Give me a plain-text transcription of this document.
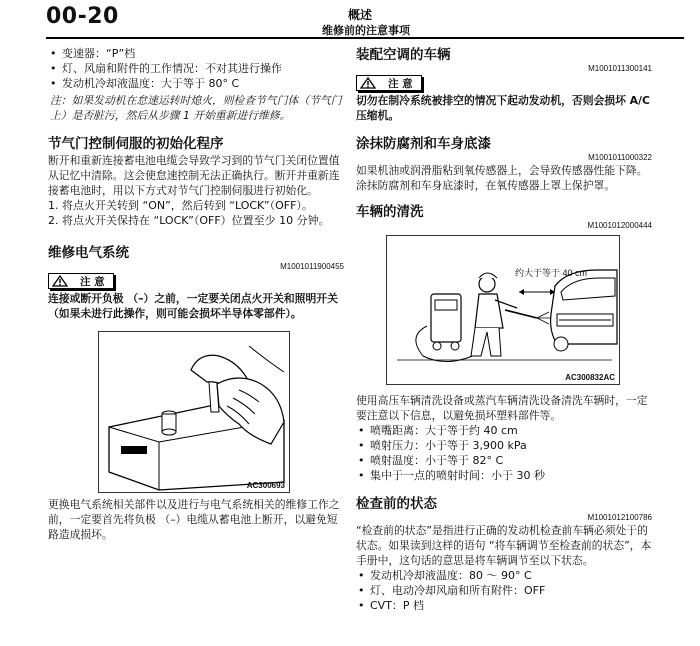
00-20	概述
维修前的注意事项
• 变速器：“P”档
• 灯、风扇和附件的工作情况：不对其进行操作
• 发动机冷却液温度：大于等于 80° C
注：如果发动机在怠速运转时熄火，则检查节气门体（节气门上）是否脏污，然后从步骤 1 开始重新进行维修。
节气门控制伺服的初始化程序

断开和重新连接蓄电池电缆会导致学习到的节气门关闭位置值从记忆中清除。这会使怠速控制无法正确执行。断开并重新连接蓄电池时，用以下方式对节气门控制伺服进行初始化。

1. 将点火开关转到 “ON”，然后转到 “LOCK”（OFF）。
2. 将点火开关保持在 “LOCK”（OFF）位置至少 10 分钟。
维修电气系统
M1001011900455
注 意
连接或断开负极 （–）之前，一定要关闭点火开关和照明开关 （如果未进行此操作，则可能会损坏半导体零部件）。
AC300693

更换电气系统相关部件以及进行与电气系统相关的维修工作之前，一定要首先将负极 （–）电缆从蓄电池上断开，以避免短路造成损坏。

装配空调的车辆
M1001011300141
注 意
切勿在制冷系统被排空的情况下起动发动机，否则会损坏 A/C 压缩机。
涂抹防腐剂和车身底漆
M1001011000322

如果机油或润滑脂粘到氧传感器上，会导致传感器性能下降。涂抹防腐剂和车身底漆时，在氧传感器上罩上保护罩。

车辆的清洗
M1001012000444
约大于等于 40 cm
AC300832AC

使用高压车辆清洗设备或蒸汽车辆清洗设备清洗车辆时，一定要注意以下信息，以避免损坏塑料部件等。

• 喷嘴距离：大于等于约 40 cm
• 喷射压力：小于等于 3,900 kPa
• 喷射温度：小于等于 82° C
• 集中于一点的喷射时间：小于 30 秒
检查前的状态
M1001012100786

“检查前的状态”是指进行正确的发动机检查前车辆必须处于的状态。如果读到这样的语句 “将车辆调节至检查前的状态”，本手册中，这句话的意思是将车辆调节至以下状态。

• 发动机冷却液温度：80 ～ 90° C
• 灯、电动冷却风扇和所有附件：OFF
• CVT：P 档
